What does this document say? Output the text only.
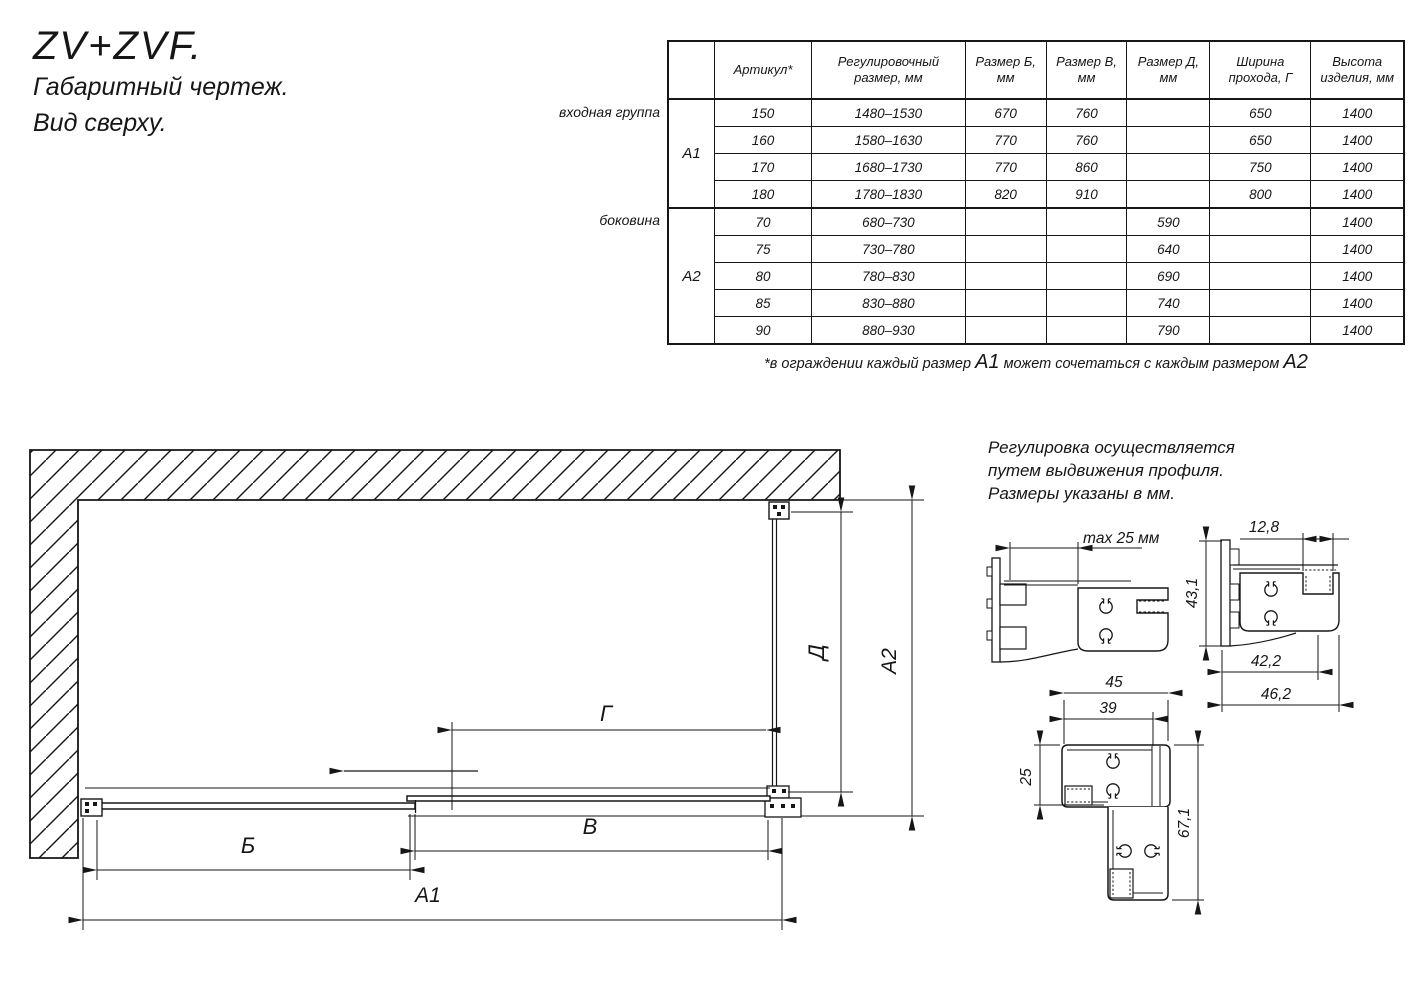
Г
Д А2
Б
В
А1
max 25 мм
43,1
12,8
42,2
46,2
45
39
25
67,1
ZV+ZVF.
Габаритный чертеж.
Вид сверху.	входная группа
боковина
	Артикул*	Регулировочный размер, мм	Размер Б, мм	Размер В, мм	Размер Д, мм	Ширина прохода, Г	Высота изделия, мм
А1	150	1480–1530	670	760		650	1400
	160	1580–1630	770	760		650	1400
	170	1680–1730	770	860		750	1400
	180	1780–1830	820	910		800	1400
А2	70	680–730			590		1400
	75	730–780			640		1400
	80	780–830			690		1400
	85	830–880			740		1400
	90	880–930			790		1400
*в ограждении каждый размер А1 может сочетаться с каждым размером А2
Регулировка осуществляется
путем выдвижения профиля.
Размеры указаны в мм.
